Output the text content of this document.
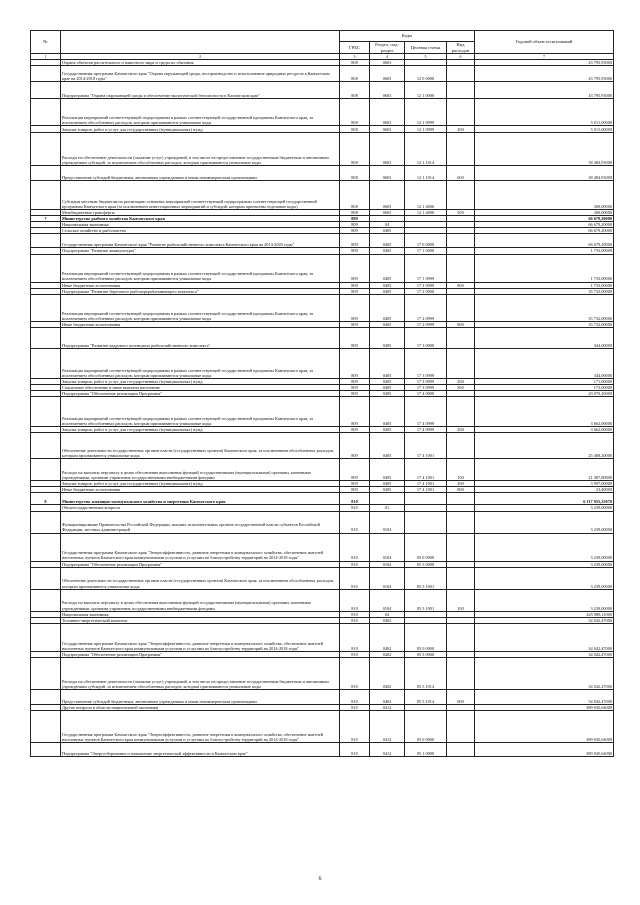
№		Коды				Годовой объем ассигнований
		ГРБС	Раздел, под-раздел	Целевая статья	Вид расходов	
1	2	3	4	5	6	7
	Охрана объектов растительного и животного мира и среды их обитания	808	0603			43 795,93000
	Государственная программа Камчатского края "Охрана окружающей среды, воспроизводство и использование природных ресурсов в Камчатском крае на 2014-2018 годы"	808	0603	12 0 0000		43 795,93000
	Подпрограмма "Охрана окружающей среды и обеспечение экологической безопасности в Камчатском крае"	808	0603	12 1 0000		43 795,93000
	Реализация мероприятий соответствующей подпрограммы в рамках соответствующей государственной программы Камчатского края, за исключением обособленных расходов, которым присваиваются уникальные коды	808	0603	12 1 0999		5 011,00000
	Закупка товаров, работ и услуг для государственных (муниципальных) нужд	808	0603	12 1 0999	200	5 011,00000
	Расходы на обеспечение деятельности (оказание услуг) учреждений, в том числе на предоставление государственным бюджетным и автономным учреждениям субсидий, за исключением обособленных расходов, которым присваиваются уникальные коды	808	0603	12 1 1014		38 484,93000
	Предоставление субсидий бюджетным, автономным учреждениям и иным некоммерческим организациям	808	0603	12 1 1014	600	38 484,93000
	Субсидии местным бюджетам на реализацию основных мероприятий соответствующей подпрограммы соответствующей государственной программы Камчатского края (за исключением инвестиционных мероприятий и субсидий, которым присвоены отдельные коды)	808	0603	12 1 4006		300,00000
	Межбюджетные трансферты	808	0603	12 1 4006	500	300,00000
7	Министерство рыбного хозяйства Камчатского края	809				66 679,20000
	Национальная экономика	809	04			66 679,20000
	Сельское хозяйство и рыболовство	809	0405			66 679,20000
	Государственная программа Камчатского края "Развитие рыбохозяйственного комплекса Камчатского края на 2014-2020 годы"	809	0405	17 0 0000		66 679,20000
	Подпрограмма "Развитие аквакультуры"	809	0405	17 1 0000		1 733,00000
	Реализация мероприятий соответствующей подпрограммы в рамках соответствующей государственной программы Камчатского края, за исключением обособленных расходов, которым присваиваются уникальные коды	809	0405	17 1 0999		1 733,00000
	Иные бюджетные ассигнования	809	0405	17 1 0999	800	1 733,00000
	Подпрограмма "Развитие берегового рыбоперерабатывающего комплекса"	809	0405	17 2 0000		35 732,00000
	Реализация мероприятий соответствующей подпрограммы в рамках соответствующей государственной программы Камчатского края, за исключением обособленных расходов, которым присваиваются уникальные коды	809	0405	17 2 0999		35 732,00000
	Иные бюджетные ассигнования	809	0405	17 2 0999	800	35 732,00000
	Подпрограмма "Развитие кадрового потенциала рыбохозяйственного комплекса"	809	0405	17 3 0000		344,00000
	Реализация мероприятий соответствующей подпрограммы в рамках соответствующей государственной программы Камчатского края, за исключением обособленных расходов, которым присваиваются уникальные коды	809	0405	17 3 0999		344,00000
	Закупка товаров, работ и услуг для государственных (муниципальных) нужд	809	0405	17 3 0999	200	171,00000
	Социальное обеспечение и иные выплаты населению	809	0405	17 3 0999	300	173,00000
	Подпрограмма "Обеспечение реализации Программы"	809	0405	17 4 0000		29 070,20000
	Реализация мероприятий соответствующей подпрограммы в рамках соответствующей государственной программы Камчатского края, за исключением обособленных расходов, которым присваиваются уникальные коды	809	0405	17 4 0999		3 662,00000
	Закупка товаров, работ и услуг для государственных (муниципальных) нужд	809	0405	17 4 0999	200	3 662,00000
	Обеспечение деятельности государственных органов власти (государственных органов) Камчатского края, за исключением обособленных расходов, которым присваиваются уникальные коды	809	0405	17 4 1001		25 408,20000
	Расходы на выплаты персоналу в целях обеспечения выполнения функций государственными (муниципальными) органами, казенными учреждениями, органами управления государственными внебюджетными фондами	809	0405	17 4 1001	100	21 387,80000
	Закупка товаров, работ и услуг для государственных (муниципальных) нужд	809	0405	17 4 1001	200	3 997,00000
	Иные бюджетные ассигнования	809	0405	17 4 1001	800	23,40000
8	Министерство жилищно-коммунального хозяйства и энергетики Камчатского края	810				6 117 955,25070
	Общегосударственные вопросы	810	01			3 239,00000
	Функционирование Правительства Российской Федерации, высших исполнительных органов государственной власти субъектов Российской Федерации, местных администраций	810	0104			3 239,00000
	Государственная программа Камчатского края "Энергоэффективность, развитие энергетики и коммунального хозяйства, обеспечение жителей населенных пунктов Камчатского края коммунальными услугами и услугами по благоустройству территорий на 2014-2018 годы"	810	0104	05 0 0000		3 239,00000
	Подпрограмма "Обеспечение реализации Программы"	810	0104	05 5 0000		3 239,00000
	Обеспечение деятельности государственных органов власти (государственных органов) Камчатского края, за исключением обособленных расходов, которым присваиваются уникальные коды	810	0104	05 5 1001		3 239,00000
	Расходы на выплаты персоналу в целях обеспечения выполнения функций государственными (муниципальными) органами, казенными учреждениями, органами управления государственными внебюджетными фондами	810	0104	05 5 1001	100	3 239,00000
	Национальная экономика	810	04			425 988,11000
	Топливно-энергетический комплекс	810	0402			34 042,47000
	Государственная программа Камчатского края "Энергоэффективность, развитие энергетики и коммунального хозяйства, обеспечение жителей населенных пунктов Камчатского края коммунальными услугами и услугами по благоустройству территорий на 2014-2018 годы"	810	0402	05 0 0000		34 042,47000
	Подпрограмма "Обеспечение реализации Программы"	810	0402	05 5 0000		34 042,47000
	Расходы на обеспечение деятельности (оказание услуг) учреждений, в том числе на предоставление государственным бюджетным и автономным учреждениям субсидий, за исключением обособленных расходов, которым присваиваются уникальные коды	810	0402	05 5 1014		34 042,47000
	Предоставление субсидий бюджетным, автономным учреждениям и иным некоммерческим организациям	810	0402	05 5 1014	600	34 042,47000
	Другие вопросы в области национальной экономики	810	0412			389 945,64000
	Государственная программа Камчатского края "Энергоэффективность, развитие энергетики и коммунального хозяйства, обеспечение жителей населенных пунктов Камчатского края коммунальными услугами и услугами по благоустройству территорий на 2014-2018 годы"	810	0412	05 0 0000		389 945,64000
	Подпрограмма "Энергосбережение и повышение энергетической эффективности в Камчатском крае"	810	0412	05 1 0000		389 945,64000
6
